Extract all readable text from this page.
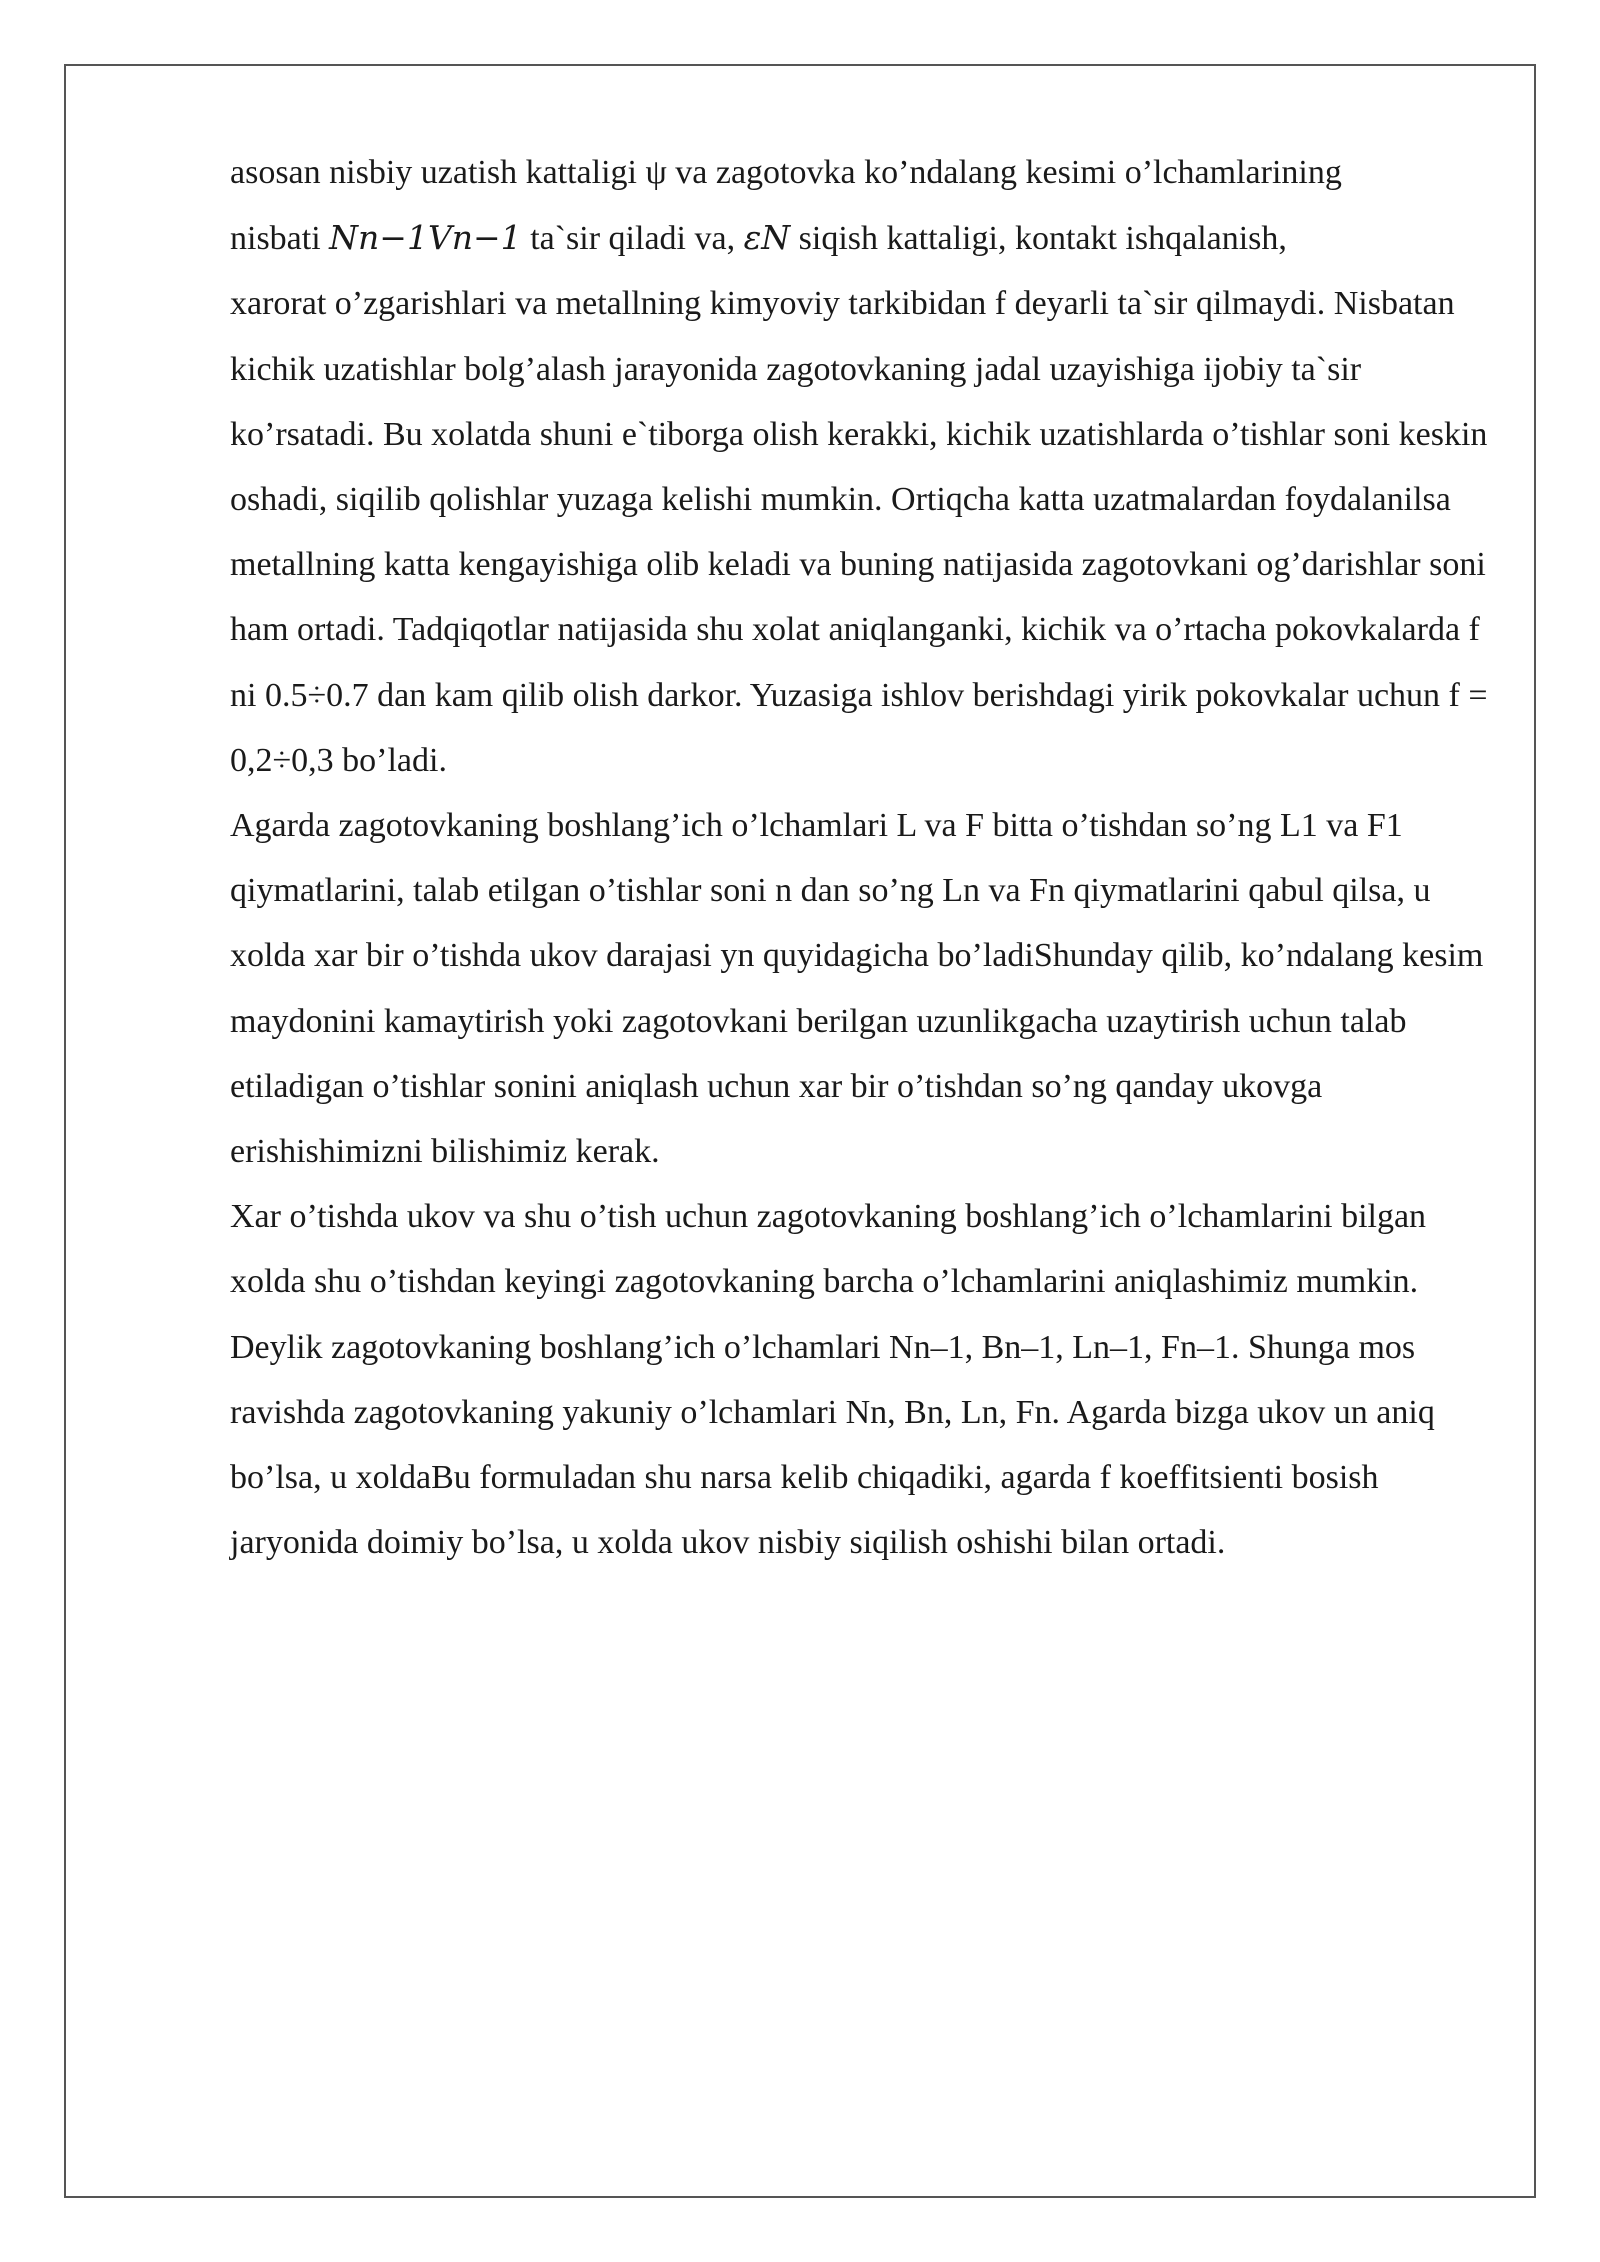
asosan nisbiy uzatish kattaligi ψ va zagotovka ko’ndalang kesimi o’lchamlarining
nisbati Nn−1Vn−1 ta`sir qiladi va, εN siqish kattaligi, kontakt ishqalanish,
xarorat o’zgarishlari va metallning kimyoviy tarkibidan f deyarli ta`sir qilmaydi. Nisbatan kichik uzatishlar bolg’alash jarayonida zagotovkaning jadal uzayishiga ijobiy ta`sir ko’rsatadi. Bu xolatda shuni e`tiborga olish kerakki, kichik uzatishlarda o’tishlar soni keskin oshadi, siqilib qolishlar yuzaga kelishi mumkin. Ortiqcha katta uzatmalardan foydalanilsa metallning katta kengayishiga olib keladi va buning natijasida zagotovkani og’darishlar soni ham ortadi. Tadqiqotlar natijasida shu xolat aniqlanganki, kichik va o’rtacha pokovkalarda f ni 0.5÷0.7 dan kam qilib olish darkor. Yuzasiga ishlov berishdagi yirik pokovkalar uchun f = 0,2÷0,3 bo’ladi.

Agarda zagotovkaning boshlang’ich o’lchamlari L va F bitta o’tishdan so’ng L1 va F1 qiymatlarini, talab etilgan o’tishlar soni n dan so’ng Ln va Fn qiymatlarini qabul qilsa, u xolda xar bir o’tishda ukov darajasi yn quyidagicha bo’ladiShunday qilib, ko’ndalang kesim maydonini kamaytirish yoki zagotovkani berilgan uzunlikgacha uzaytirish uchun talab etiladigan o’tishlar sonini aniqlash uchun xar bir o’tishdan so’ng qanday ukovga erishishimizni bilishimiz kerak.

Xar o’tishda ukov va shu o’tish uchun zagotovkaning boshlang’ich o’lchamlarini bilgan xolda shu o’tishdan keyingi zagotovkaning barcha o’lchamlarini aniqlashimiz mumkin.

Deylik zagotovkaning boshlang’ich o’lchamlari Nn–1, Bn–1, Ln–1, Fn–1. Shunga mos ravishda zagotovkaning yakuniy o’lchamlari Nn, Bn, Ln, Fn. Agarda bizga ukov un aniq bo’lsa, u xoldaBu formuladan shu narsa kelib chiqadiki, agarda f koeffitsienti bosish jaryonida doimiy bo’lsa, u xolda ukov nisbiy siqilish oshishi bilan ortadi.
